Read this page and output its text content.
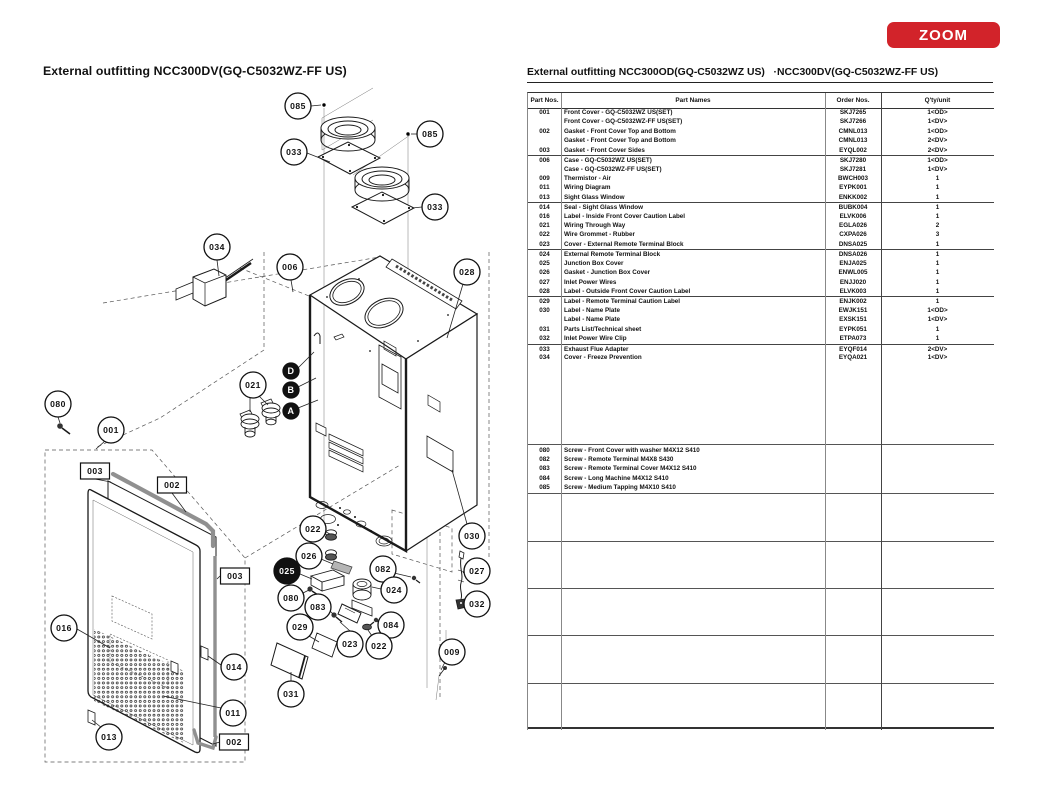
ZOOM
External outfitting NCC300DV(GQ-C5032WZ-FF US)	External outfitting NCC300OD(GQ-C5032WZ US)   ·NCC300DV(GQ-C5032WZ-FF US)
Part Nos.	Part Names	Order Nos.	Q'ty/unit
001	Front Cover - GQ-C5032WZ US(SET)	SKJ7265	1<OD>
Front Cover - GQ-C5032WZ-FF US(SET)	SKJ7266	1<DV>
002	Gasket - Front Cover Top and Bottom	CMNL013	1<OD>
Gasket - Front Cover Top and Bottom	CMNL013	2<DV>
003	Gasket - Front Cover Sides	EYQL002	2<DV>
006	Case - GQ-C5032WZ US(SET)	SKJ7280	1<OD>
Case - GQ-C5032WZ-FF US(SET)	SKJ7281	1<DV>
009	Thermistor - Air	BWCH003	1
011	Wiring Diagram	EYPK001	1
013	Sight Glass Window	ENKK002	1
014	Seal - Sight Glass Window	BUBK004	1
016	Label - Inside Front Cover Caution Label	ELVK006	1
021	Wiring Through Way	EGLA026	2
022	Wire Grommet - Rubber	CXPA026	3
023	Cover - External Remote Terminal Block	DNSA025	1
024	External Remote Terminal Block	DNSA026	1
025	Junction Box Cover	ENJA025	1
026	Gasket - Junction Box Cover	ENWL005	1
027	Inlet Power Wires	ENJJ020	1
028	Label - Outside Front Cover Caution Label	ELVK003	1
029	Label - Remote Terminal Caution Label	ENJK002	1
030	Label - Name Plate	EWJK151	1<OD>
Label - Name Plate	EXSK151	1<DV>
031	Parts List/Technical sheet	EYPK051	1
032	Inlet Power Wire Clip	ETPA073	1
033	Exhaust Flue Adapter	EYQF014	2<DV>
034	Cover - Freeze Prevention	EYQA021	1<DV>
080	Screw - Front Cover with washer M4X12 S410
082	Screw - Remote Terminal M4X8 S430
083	Screw - Remote Terminal Cover M4X12 S410
084	Screw - Long Machine M4X12 S410
085	Screw - Medium Tapping M4X10 S410
085
033
085
033
034
006	028
021
D
B
A
080
001
003
002
022
030
026
025	082	027
003
024
080
032
083
016	084
029
014
023 022
009
031
011
013	002
